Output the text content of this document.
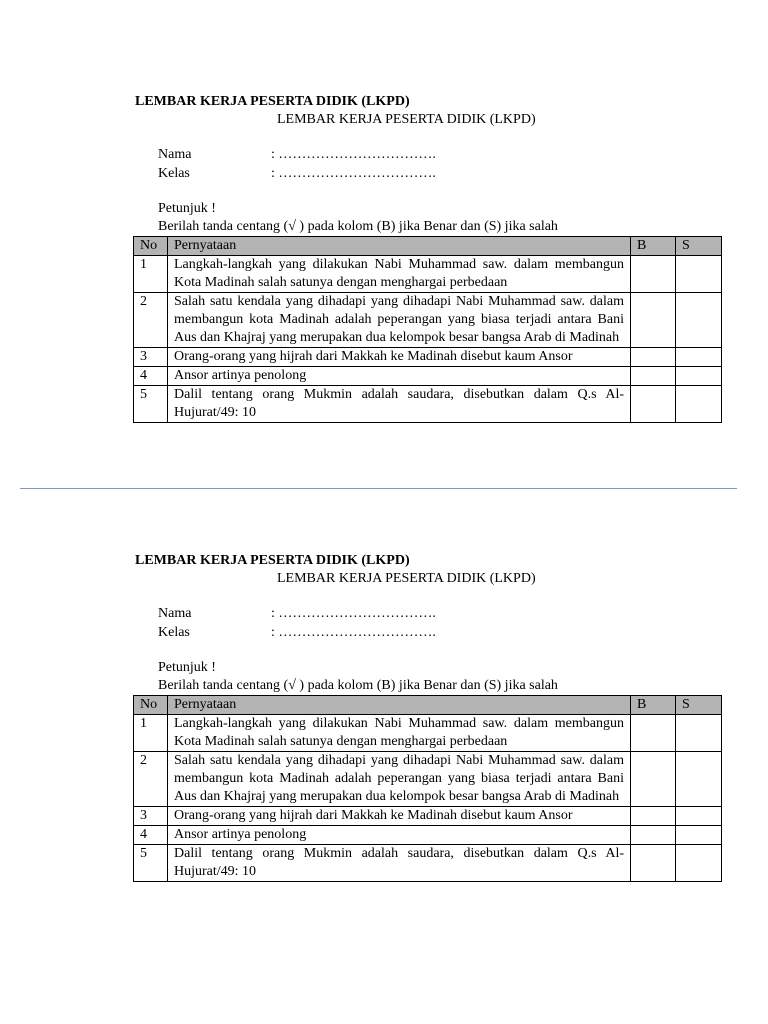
LEMBAR KERJA PESERTA DIDIK (LKPD)
LEMBAR KERJA PESERTA DIDIK (LKPD)
Nama	: …………………………….
Kelas	: …………………………….
Petunjuk !
Berilah tanda centang (√ ) pada kolom (B) jika Benar dan (S) jika salah
No	Pernyataan	B	S
1	Langkah-langkah yang dilakukan Nabi Muhammad saw. dalam membangun Kota Madinah salah satunya dengan menghargai perbedaan		
2	Salah satu kendala yang dihadapi yang dihadapi Nabi Muhammad saw. dalam membangun kota Madinah adalah peperangan yang biasa terjadi antara Bani Aus dan Khajraj yang merupakan dua kelompok besar bangsa Arab di Madinah		
3	Orang-orang yang hijrah dari Makkah ke Madinah disebut kaum Ansor		
4	Ansor artinya penolong		
5	Dalil tentang orang Mukmin adalah saudara, disebutkan dalam Q.s Al-Hujurat/49: 10		
LEMBAR KERJA PESERTA DIDIK (LKPD)
LEMBAR KERJA PESERTA DIDIK (LKPD)
Nama	: …………………………….
Kelas	: …………………………….
Petunjuk !
Berilah tanda centang (√ ) pada kolom (B) jika Benar dan (S) jika salah
No	Pernyataan	B	S
1	Langkah-langkah yang dilakukan Nabi Muhammad saw. dalam membangun Kota Madinah salah satunya dengan menghargai perbedaan		
2	Salah satu kendala yang dihadapi yang dihadapi Nabi Muhammad saw. dalam membangun kota Madinah adalah peperangan yang biasa terjadi antara Bani Aus dan Khajraj yang merupakan dua kelompok besar bangsa Arab di Madinah		
3	Orang-orang yang hijrah dari Makkah ke Madinah disebut kaum Ansor		
4	Ansor artinya penolong		
5	Dalil tentang orang Mukmin adalah saudara, disebutkan dalam Q.s Al-Hujurat/49: 10		
